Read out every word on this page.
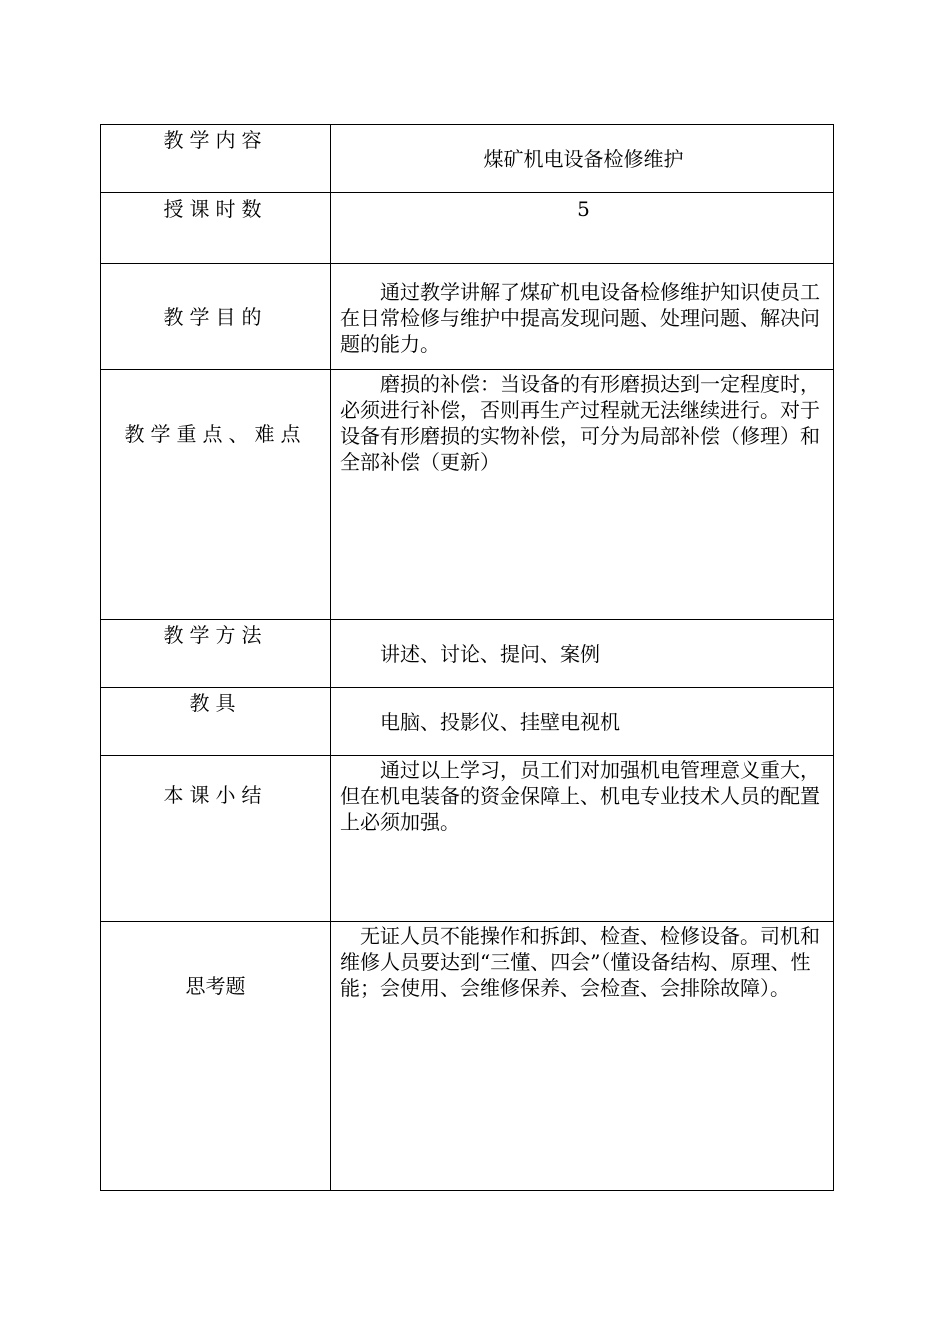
教学内容	煤矿机电设备检修维护

授课时数	5

教学目的	通过教学讲解了煤矿机电设备检修维护知识使员工在日常检修与维护中提高发现问题、处理问题、解决问题的能力。

教学重点、难点	磨损的补偿：当设备的有形磨损达到一定程度时，必须进行补偿，否则再生产过程就无法继续进行。对于设备有形磨损的实物补偿，可分为局部补偿（修理）和全部补偿（更新）

教学方法	讲述、讨论、提问、案例

教具	电脑、投影仪、挂壁电视机

本课小结	通过以上学习，员工们对加强机电管理意义重大，但在机电装备的资金保障上、机电专业技术人员的配置上必须加强。

思考题	无证人员不能操作和拆卸、检查、检修设备。司机和维修人员要达到“三懂、四会”（懂设备结构、原理、性能；会使用、会维修保养、会检查、会排除故障）。
